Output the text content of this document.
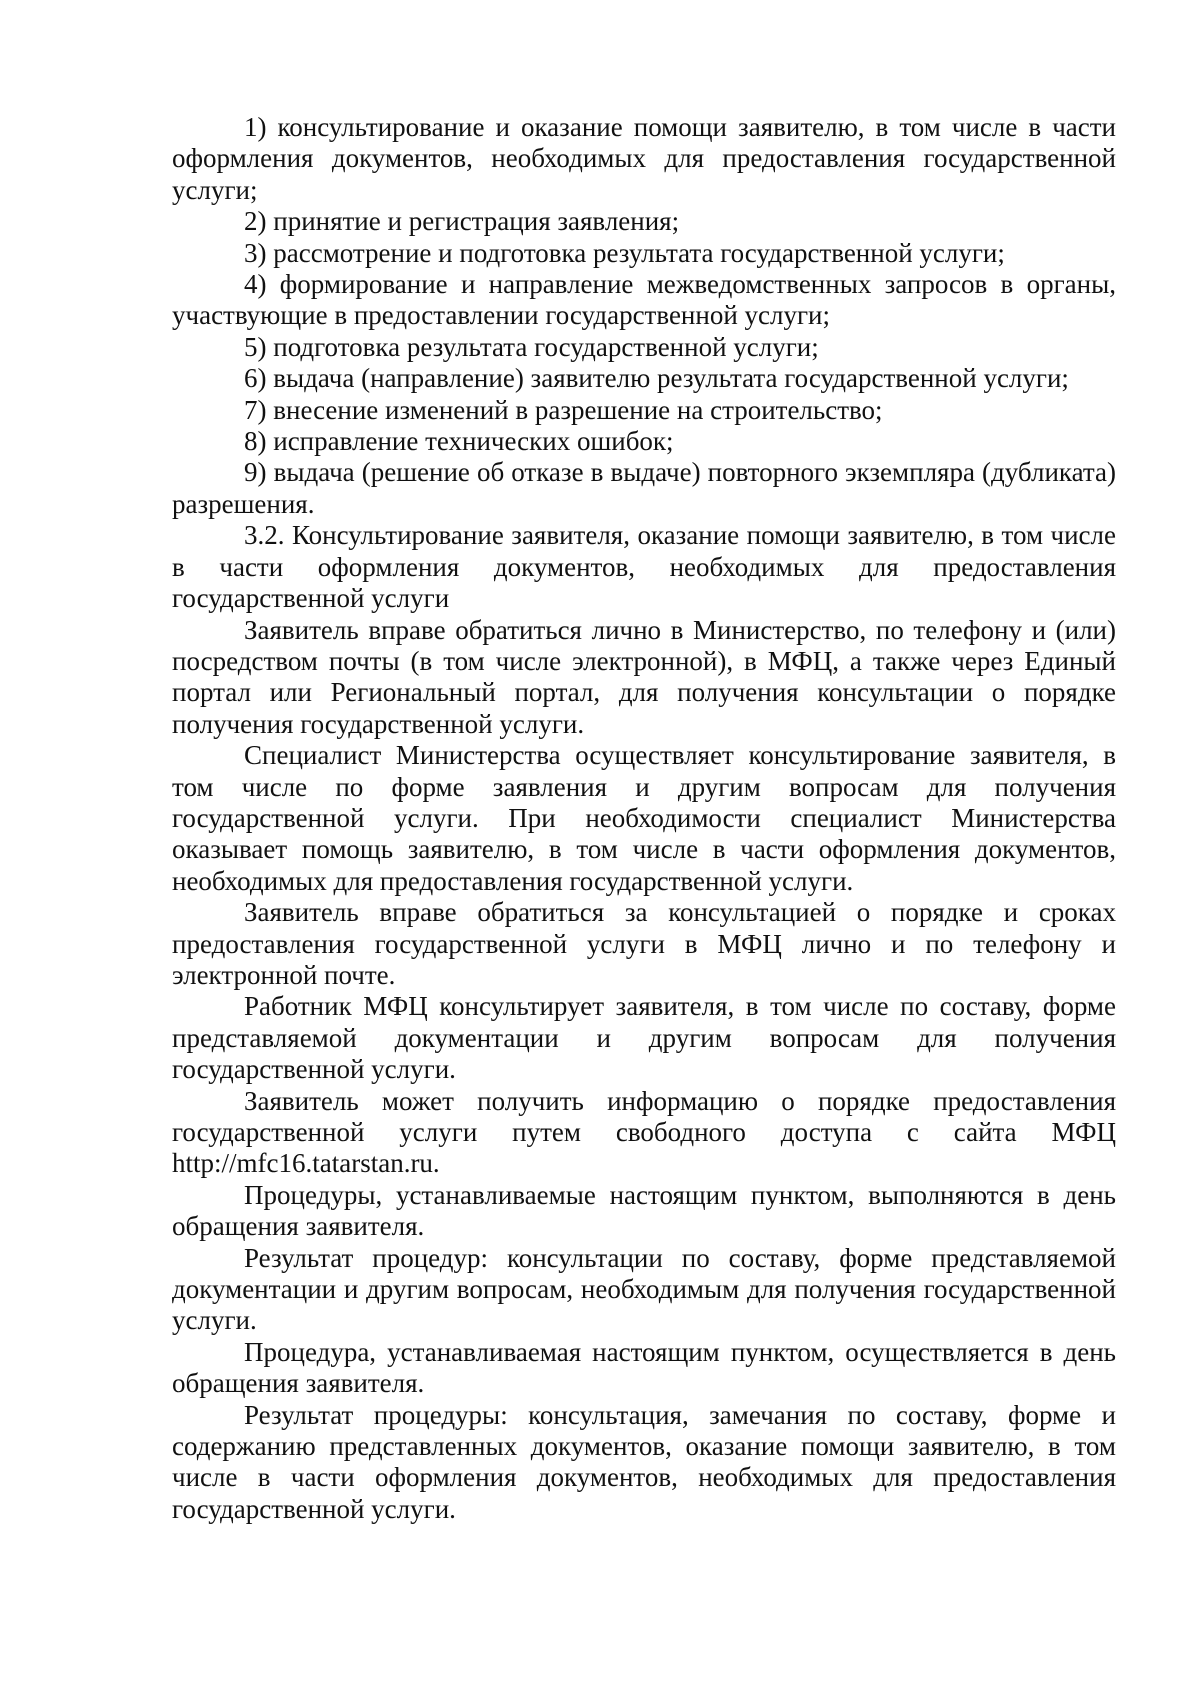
1) консультирование и оказание помощи заявителю, в том числе в части оформления документов, необходимых для предоставления государственной услуги;

2) принятие и регистрация заявления;

3) рассмотрение и подготовка результата государственной услуги;

4) формирование и направление межведомственных запросов в органы, участвующие в предоставлении государственной услуги;

5) подготовка результата государственной услуги;

6) выдача (направление) заявителю результата государственной услуги;

7) внесение изменений в разрешение на строительство;

8) исправление технических ошибок;

9) выдача (решение об отказе в выдаче) повторного экземпляра (дубликата) разрешения.

3.2. Консультирование заявителя, оказание помощи заявителю, в том числе в части оформления документов, необходимых для предоставления государственной услуги

Заявитель вправе обратиться лично в Министерство, по телефону и (или) посредством почты (в том числе электронной), в МФЦ, а также через Единый портал или Региональный портал, для получения консультации о порядке получения государственной услуги.

Специалист Министерства осуществляет консультирование заявителя, в том числе по форме заявления и другим вопросам для получения государственной услуги. При необходимости специалист Министерства оказывает помощь заявителю, в том числе в части оформления документов, необходимых для предоставления государственной услуги.

Заявитель вправе обратиться за консультацией о порядке и сроках предоставления государственной услуги в МФЦ лично и по телефону и электронной почте.

Работник МФЦ консультирует заявителя, в том числе по составу, форме представляемой документации и другим вопросам для получения государственной услуги.

Заявитель может получить информацию о порядке предоставления государственной услуги путем свободного доступа с сайта МФЦ http://mfc16.tatarstan.ru.

Процедуры, устанавливаемые настоящим пунктом, выполняются в день обращения заявителя.

Результат процедур: консультации по составу, форме представляемой документации и другим вопросам, необходимым для получения государственной услуги.

Процедура, устанавливаемая настоящим пунктом, осуществляется в день обращения заявителя.

Результат процедуры: консультация, замечания по составу, форме и содержанию представленных документов, оказание помощи заявителю, в том числе в части оформления документов, необходимых для предоставления государственной услуги.
